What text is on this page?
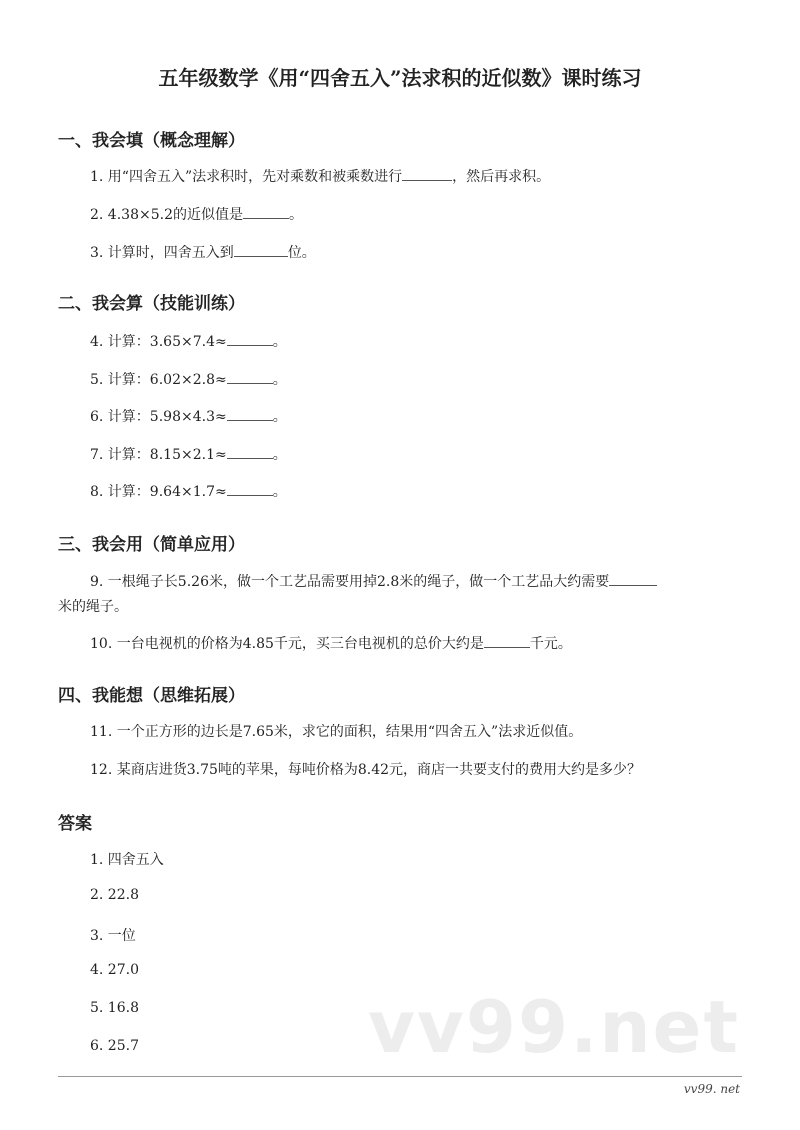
五年级数学《用“四舍五入”法求积的近似数》课时练习
一、我会填（概念理解）
1. 用“四舍五入”法求积时，先对乘数和被乘数进行	，然后再求积。
2. 4.38×5.2的近似值是	。
3. 计算时，四舍五入到	位。
二、我会算（技能训练）
4. 计算：3.65×7.4≈	。
5. 计算：6.02×2.8≈	。
6. 计算：5.98×4.3≈	。
7. 计算：8.15×2.1≈	。
8. 计算：9.64×1.7≈	。
三、我会用（简单应用）
9. 一根绳子长5.26米，做一个工艺品需要用掉2.8米的绳子，做一个工艺品大约需要
米的绳子。
10. 一台电视机的价格为4.85千元，买三台电视机的总价大约是	千元。
四、我能想（思维拓展）
11. 一个正方形的边长是7.65米，求它的面积，结果用“四舍五入”法求近似值。
12. 某商店进货3.75吨的苹果，每吨价格为8.42元，商店一共要支付的费用大约是多少？
vv99.net
答案
1. 四舍五入
2. 22.8
3. 一位
4. 27.0
5. 16.8
6. 25.7
vv99. net
